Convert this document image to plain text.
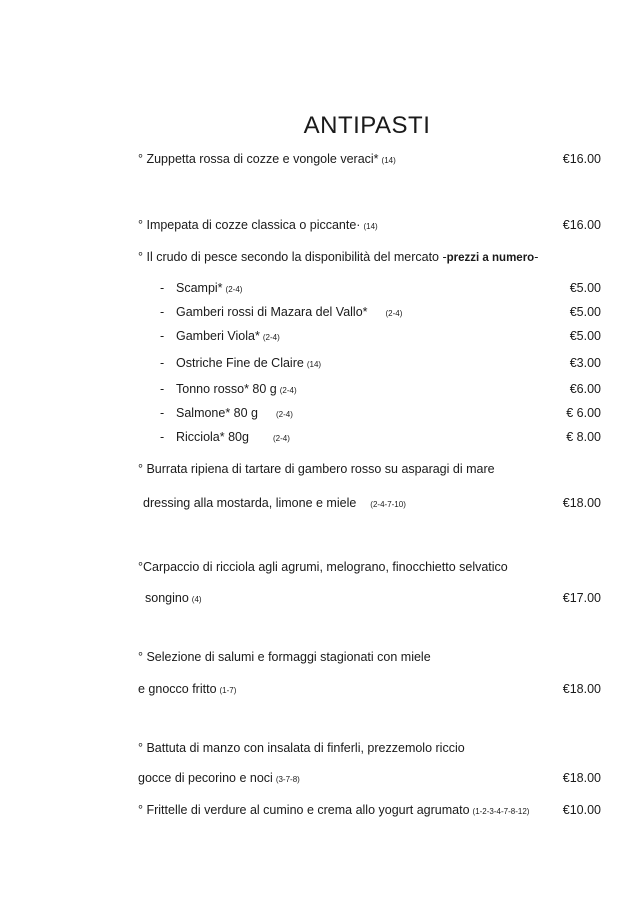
ANTIPASTI
° Zuppetta rossa di cozze e vongole veraci* (14)	€16.00
° Impepata di cozze classica o piccante· (14)	€16.00
° Il crudo di pesce secondo la disponibilità del mercato -prezzi a numero-
- Scampi* (2-4)	€5.00
- Gamberi rossi di Mazara del Vallo* (2-4)	€5.00
- Gamberi Viola* (2-4)	€5.00
- Ostriche Fine de Claire (14)	€3.00
- Tonno rosso* 80 g (2-4)	€6.00
- Salmone* 80 g (2-4)	€ 6.00
- Ricciola* 80g	(2-4)	€ 8.00
° Burrata ripiena di tartare di gambero rosso su asparagi di mare
dressing alla mostarda, limone e miele (2-4-7-10)	€18.00
°Carpaccio di ricciola agli agrumi, melograno, finocchietto selvatico
songino (4)	€17.00
° Selezione di salumi e formaggi stagionati con miele
e gnocco fritto (1-7)	€18.00
° Battuta di manzo con insalata di finferli, prezzemolo riccio
gocce di pecorino e noci (3-7-8)	€18.00
° Frittelle di verdure al cumino e crema allo yogurt agrumato (1-2-3-4-7-8-12)	€10.00
